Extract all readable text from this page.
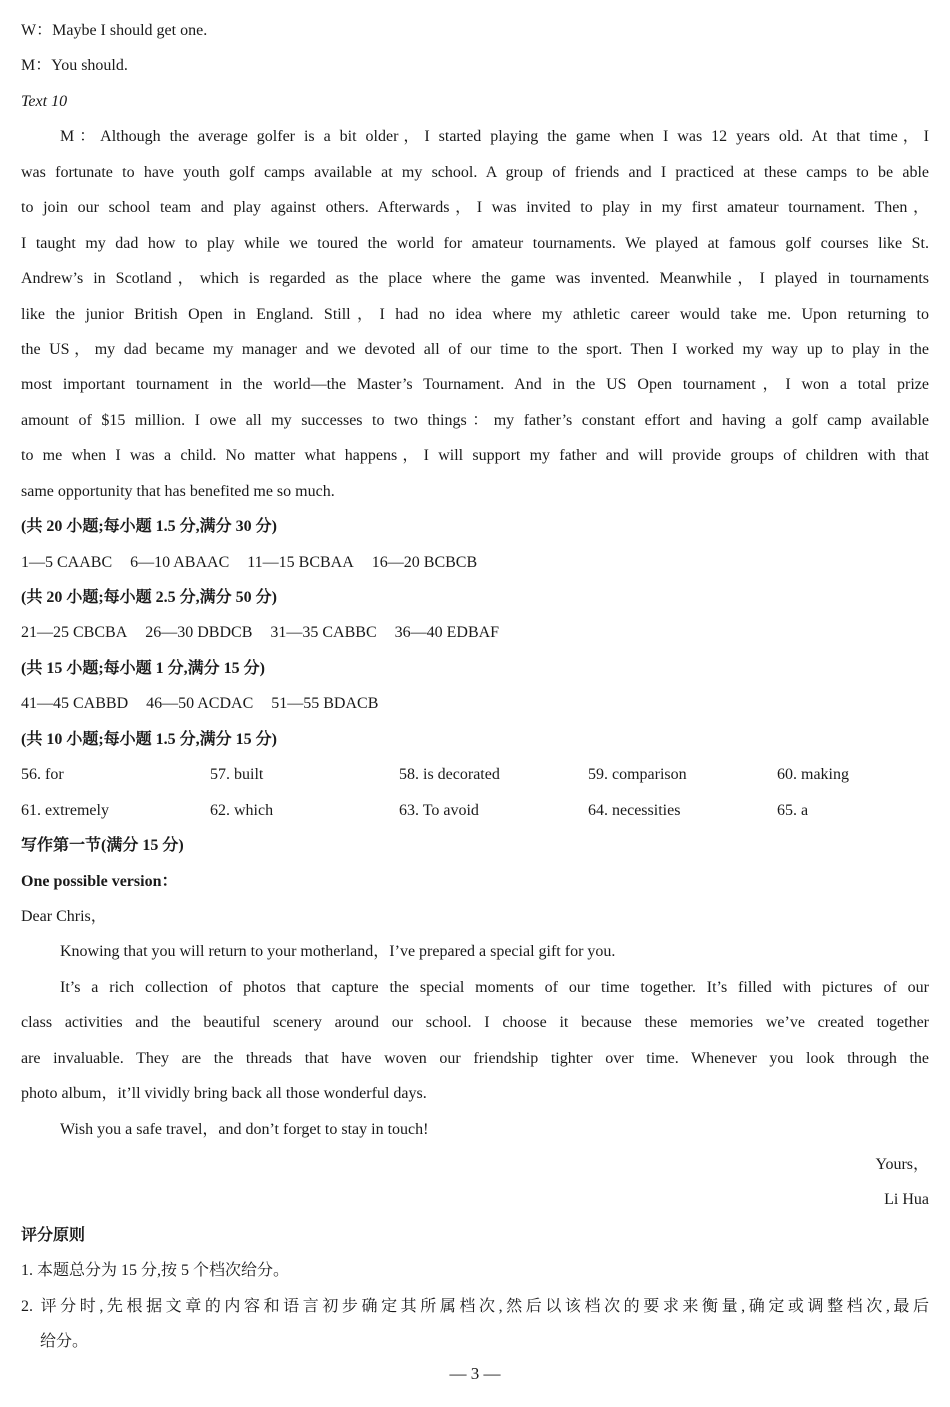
W：Maybe I should get one.
M：You should.
Text 10
M：Although the average golfer is a bit older，I started playing the game when I was 12 years old. At that time，I
was fortunate to have youth golf camps available at my school. A group of friends and I practiced at these camps to be able
to join our school team and play against others. Afterwards，I was invited to play in my first amateur tournament. Then，
I taught my dad how to play while we toured the world for amateur tournaments. We played at famous golf courses like St.
Andrew’s in Scotland，which is regarded as the place where the game was invented. Meanwhile，I played in tournaments
like the junior British Open in England. Still，I had no idea where my athletic career would take me. Upon returning to
the US，my dad became my manager and we devoted all of our time to the sport. Then I worked my way up to play in the
most important tournament in the world—the Master’s Tournament. And in the US Open tournament，I won a total prize
amount of $15 million. I owe all my successes to two things：my father’s constant effort and having a golf camp available
to me when I was a child. No matter what happens，I will support my father and will provide groups of children with that
same opportunity that has benefited me so much.
(共 20 小题;每小题 1.5 分,满分 30 分)
1—5 CAABC 6—10 ABAAC 11—15 BCBAA 16—20 BCBCB
(共 20 小题;每小题 2.5 分,满分 50 分)
21—25 CBCBA 26—30 DBDCB 31—35 CABBC 36—40 EDBAF
(共 15 小题;每小题 1 分,满分 15 分)
41—45 CABBD 46—50 ACDAC 51—55 BDACB
(共 10 小题;每小题 1.5 分,满分 15 分)
56. for	57. built	58. is decorated	59. comparison	60. making
61. extremely	62. which	63. To avoid	64. necessities	65. a
写作第一节(满分 15 分)
One possible version：
Dear Chris，
Knowing that you will return to your motherland，I’ve prepared a special gift for you.
It’s a rich collection of photos that capture the special moments of our time together. It’s filled with pictures of our
class activities and the beautiful scenery around our school. I choose it because these memories we’ve created together
are invaluable. They are the threads that have woven our friendship tighter over time. Whenever you look through the
photo album，it’ll vividly bring back all those wonderful days.
Wish you a safe travel，and don’t forget to stay in touch!
Yours，
Li Hua
评分原则
1. 本题总分为 15 分,按 5 个档次给分。
2. 评分时,先根据文章的内容和语言初步确定其所属档次,然后以该档次的要求来衡量,确定或调整档次,最后
给分。
— 3 —
